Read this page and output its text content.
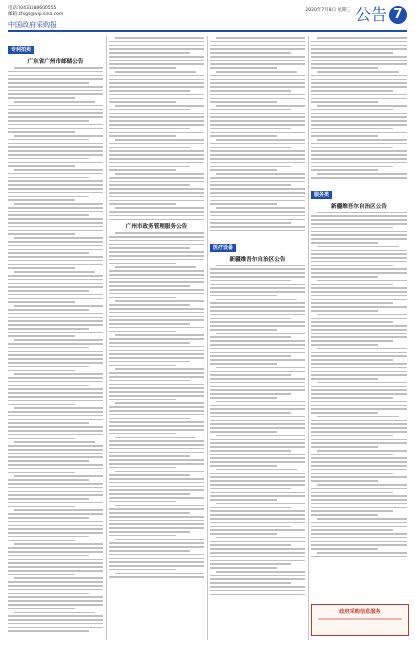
电话:(0431)88600555
邮箱:zfxgs@vip.sina.com
中国政府采购报
2020年7月8日 星期三 公告 7
专利拍卖
广东省广州市邮储公告
广州市政务管理服务公告
医疗设备
新疆维吾尔自治区公告
服务类
新疆维吾尔自治区公告
政府采购信息服务
